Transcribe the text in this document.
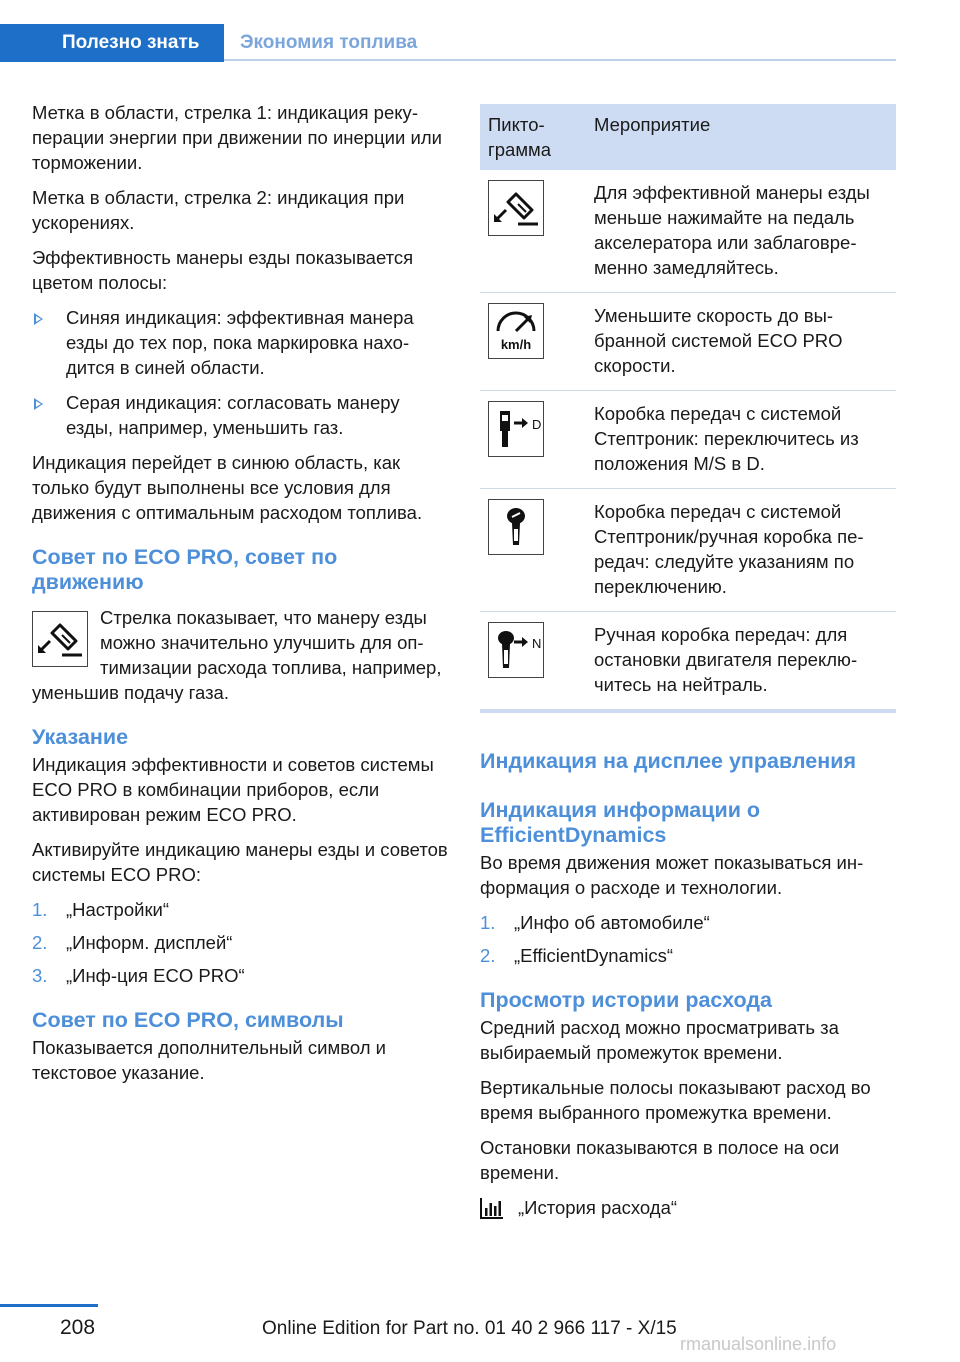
Полезно знать	Экономия топлива

Метка в области, стрелка 1: индикация рекуперации энергии при движении по инерции или торможении.

Метка в области, стрелка 2: индикация при ускорениях.

Эффективность манеры езды показывается цветом полосы:

Синяя индикация: эффективная манера езды до тех пор, пока маркировка находится в синей области.
Серая индикация: согласовать манеру езды, например, уменьшить газ.

Индикация перейдет в синюю область, как только будут выполнены все условия для движения с оптимальным расходом топлива.

Совет по ECO PRO, совет по движению

Стрелка показывает, что манеру езды можно значительно улучшить для оптимизации расхода топлива, например, уменьшив подачу газа.

Указание

Индикация эффективности и советов системы ECO PRO в комбинации приборов, если активирован режим ECO PRO.

Активируйте индикацию манеры езды и советов системы ECO PRO:

1. „Настройки“
2. „Информ. дисплей“
3. „Инф-ция ECO PRO“
Совет по ECO PRO, символы

Показывается дополнительный символ и текстовое указание.

Пиктограмма	Мероприятие

	Для эффективной манеры езды меньше нажимайте на педаль акселератора или заблаговременно замедляйтесь.

km/h	Уменьшите скорость до выбранной системой ECO PRO скорости.

D	Коробка передач с системой Стептроник: переключитесь из положения M/S в D.

	Коробка передач с системой Стептроник/ручная коробка передач: следуйте указаниям по переключению.

N	Ручная коробка передач: для остановки двигателя переключитесь на нейтраль.
Индикация на дисплее управления
Индикация информации о EfficientDynamics

Во время движения может показываться информация о расходе и технологии.

1. „Инфо об автомобиле“
2. „EfficientDynamics“
Просмотр истории расхода

Средний расход можно просматривать за выбираемый промежуток времени.

Вертикальные полосы показывают расход во время выбранного промежутка времени.

Остановки показываются в полосе на оси времени.

„История расхода“
208	Online Edition for Part no. 01 40 2 966 117 - X/15
rmanualsonline.info
